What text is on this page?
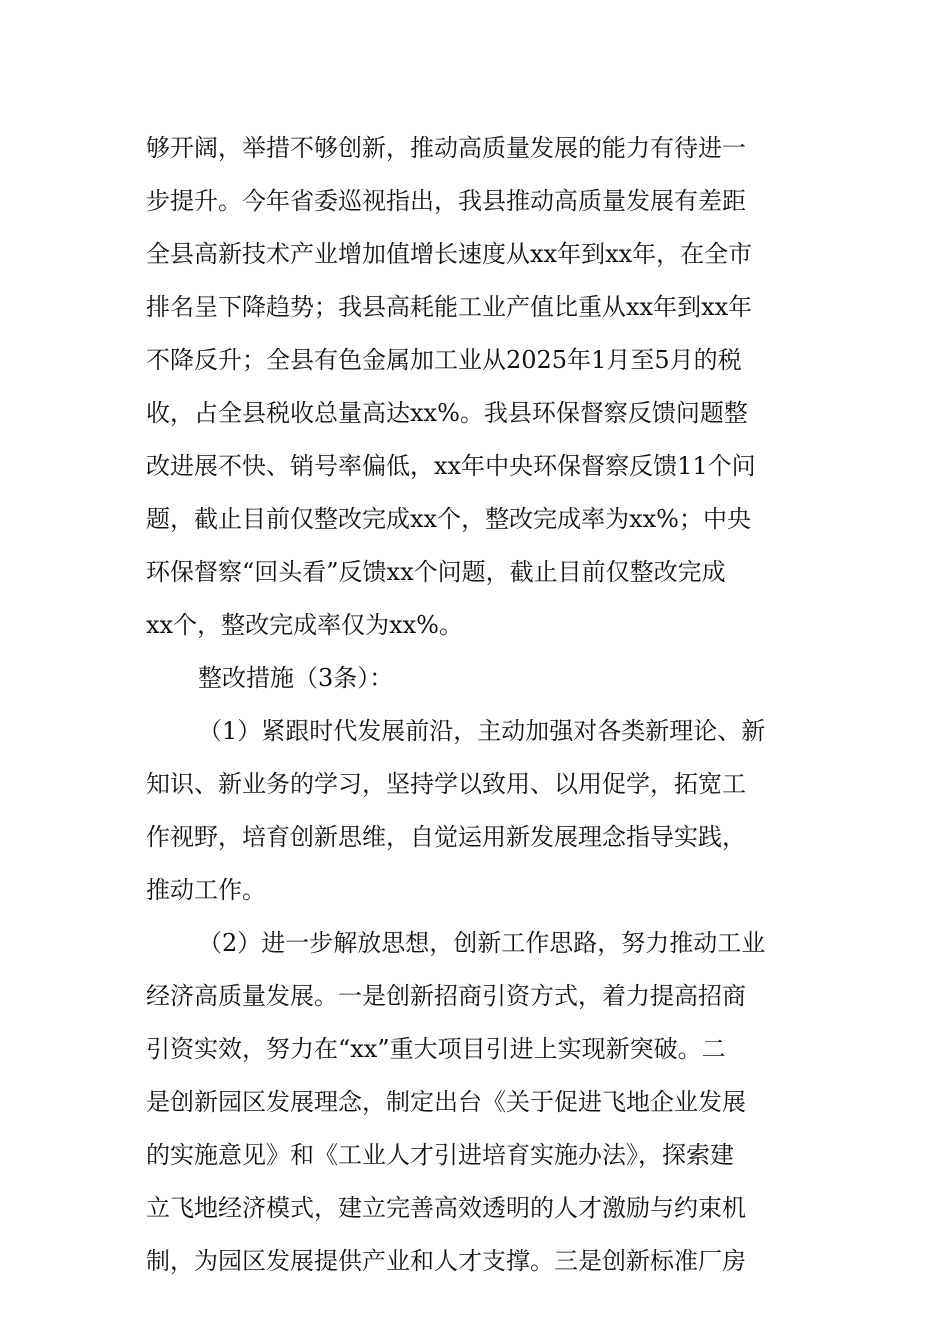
够开阔，举措不够创新，推动高质量发展的能力有待进一
步提升。今年省委巡视指出，我县推动高质量发展有差距
全县高新技术产业增加值增长速度从xx年到xx年，在全市
排名呈下降趋势；我县高耗能工业产值比重从xx年到xx年
不降反升；全县有色金属加工业从2025年1月至5月的税
收，占全县税收总量高达xx%。我县环保督察反馈问题整
改进展不快、销号率偏低，xx年中央环保督察反馈11个问
题，截止目前仅整改完成xx个，整改完成率为xx%；中央
环保督察“回头看”反馈xx个问题，截止目前仅整改完成
xx个，整改完成率仅为xx%。
整改措施（3条）：
（1）紧跟时代发展前沿，主动加强对各类新理论、新
知识、新业务的学习，坚持学以致用、以用促学，拓宽工
作视野，培育创新思维，自觉运用新发展理念指导实践，
推动工作。
（2）进一步解放思想，创新工作思路，努力推动工业
经济高质量发展。一是创新招商引资方式，着力提高招商
引资实效，努力在“xx”重大项目引进上实现新突破。二
是创新园区发展理念，制定出台《关于促进飞地企业发展
的实施意见》和《工业人才引进培育实施办法》，探索建
立飞地经济模式，建立完善高效透明的人才激励与约束机
制，为园区发展提供产业和人才支撑。三是创新标准厂房
